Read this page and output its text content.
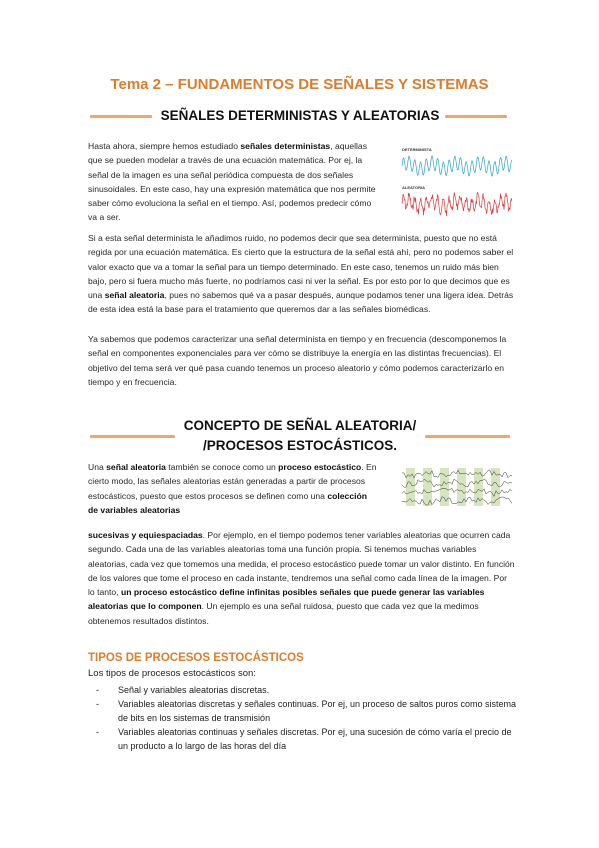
Tema 2 – FUNDAMENTOS DE SEÑALES Y SISTEMAS
SEÑALES DETERMINISTAS Y ALEATORIAS
Hasta ahora, siempre hemos estudiado señales deterministas, aquellas que se pueden modelar a través de una ecuación matemática. Por ej, la señal de la imagen es una señal periódica compuesta de dos señales sinusoidales. En este caso, hay una expresión matemática que nos permite saber cómo evoluciona la señal en el tiempo. Así, podemos predecir cómo va a ser.
DETERMINISTA
ALEATORIA
Si a esta señal determinista le añadimos ruido, no podemos decir que sea determinista, puesto que no está regida por una ecuación matemática. Es cierto que la estructura de la señal está ahí, pero no podemos saber el valor exacto que va a tomar la señal para un tiempo determinado. En este caso, tenemos un ruido más bien bajo, pero si fuera mucho más fuerte, no podríamos casi ni ver la señal. Es por esto por lo que decimos que es una señal aleatoria, pues no sabemos qué va a pasar después, aunque podamos tener una ligera idea. Detrás de esta idea está la base para el tratamiento que queremos dar a las señales biomédicas.
Ya sabemos que podemos caracterizar una señal determinista en tiempo y en frecuencia (descomponemos la señal en componentes exponenciales para ver cómo se distribuye la energía en las distintas frecuencias). El objetivo del tema será ver qué pasa cuando tenemos un proceso aleatorio y cómo podemos caracterizarlo en tiempo y en frecuencia.
CONCEPTO DE SEÑAL ALEATORIA/
/PROCESOS ESTOCÁSTICOS.
Una señal aleatoria también se conoce como un proceso estocástico. En cierto modo, las señales aleatorias están generadas a partir de procesos estocásticos, puesto que estos procesos se definen como una colección de variables aleatorias
sucesivas y equiespaciadas. Por ejemplo, en el tiempo podemos tener variables aleatorias que ocurren cada segundo. Cada una de las variables aleatorias toma una función propia. Si tenemos muchas variables aleatorias, cada vez que tomemos una medida, el proceso estocástico puede tomar un valor distinto. En función de los valores que tome el proceso en cada instante, tendremos una señal como cada línea de la imagen. Por lo tanto, un proceso estocástico define infinitas posibles señales que puede generar las variables aleatorias que lo componen. Un ejemplo es una señal ruidosa, puesto que cada vez que la medimos obtenemos resultados distintos.
TIPOS DE PROCESOS ESTOCÁSTICOS
Los tipos de procesos estocásticos son:
- Señal y variables aleatorias discretas.
- Variables aleatorias discretas y señales continuas. Por ej, un proceso de saltos puros como sistema de bits en los sistemas de transmisión
- Variables aleatorias continuas y señales discretas. Por ej, una sucesión de cómo varía el precio de un producto a lo largo de las horas del día
